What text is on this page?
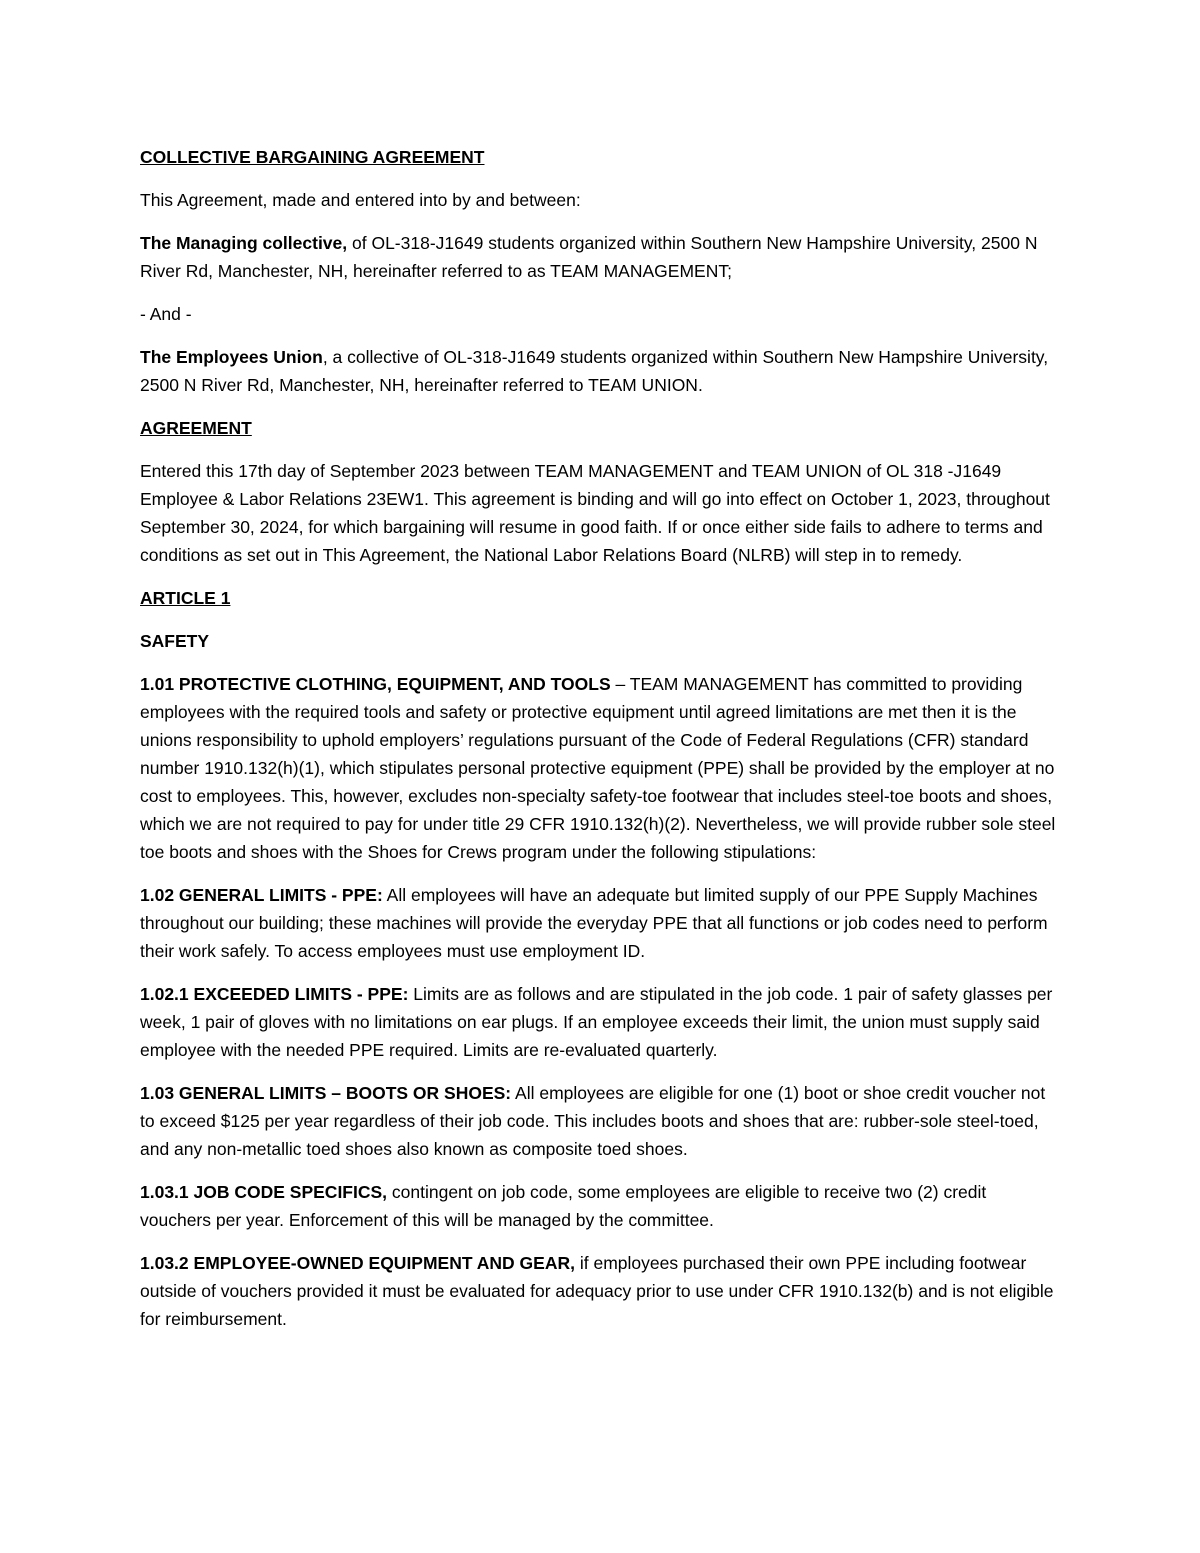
COLLECTIVE BARGAINING AGREEMENT

This Agreement, made and entered into by and between:

The Managing collective, of OL-318-J1649 students organized within Southern New Hampshire University, 2500 N River Rd, Manchester, NH, hereinafter referred to as TEAM MANAGEMENT;

- And -

The Employees Union, a collective of OL-318-J1649 students organized within Southern New Hampshire University, 2500 N River Rd, Manchester, NH, hereinafter referred to TEAM UNION.

AGREEMENT

Entered this 17th day of September 2023 between TEAM MANAGEMENT and TEAM UNION of OL 318 -J1649 Employee & Labor Relations 23EW1. This agreement is binding and will go into effect on October 1, 2023, throughout September 30, 2024, for which bargaining will resume in good faith. If or once either side fails to adhere to terms and conditions as set out in This Agreement, the National Labor Relations Board (NLRB) will step in to remedy.

ARTICLE 1

SAFETY

1.01 PROTECTIVE CLOTHING, EQUIPMENT, AND TOOLS – TEAM MANAGEMENT has committed to providing employees with the required tools and safety or protective equipment until agreed limitations are met then it is the unions responsibility to uphold employers’ regulations pursuant of the Code of Federal Regulations (CFR) standard number 1910.132(h)(1), which stipulates personal protective equipment (PPE) shall be provided by the employer at no cost to employees. This, however, excludes non-specialty safety-toe footwear that includes steel-toe boots and shoes, which we are not required to pay for under title 29 CFR 1910.132(h)(2). Nevertheless, we will provide rubber sole steel toe boots and shoes with the Shoes for Crews program under the following stipulations:

1.02 GENERAL LIMITS - PPE: All employees will have an adequate but limited supply of our PPE Supply Machines throughout our building; these machines will provide the everyday PPE that all functions or job codes need to perform their work safely. To access employees must use employment ID.

1.02.1 EXCEEDED LIMITS - PPE: Limits are as follows and are stipulated in the job code. 1 pair of safety glasses per week, 1 pair of gloves with no limitations on ear plugs. If an employee exceeds their limit, the union must supply said employee with the needed PPE required. Limits are re-evaluated quarterly.

1.03 GENERAL LIMITS – BOOTS OR SHOES: All employees are eligible for one (1) boot or shoe credit voucher not to exceed $125 per year regardless of their job code. This includes boots and shoes that are: rubber-sole steel-toed, and any non-metallic toed shoes also known as composite toed shoes.

1.03.1 JOB CODE SPECIFICS, contingent on job code, some employees are eligible to receive two (2) credit vouchers per year. Enforcement of this will be managed by the committee.

1.03.2 EMPLOYEE-OWNED EQUIPMENT AND GEAR, if employees purchased their own PPE including footwear outside of vouchers provided it must be evaluated for adequacy prior to use under CFR 1910.132(b) and is not eligible for reimbursement.
